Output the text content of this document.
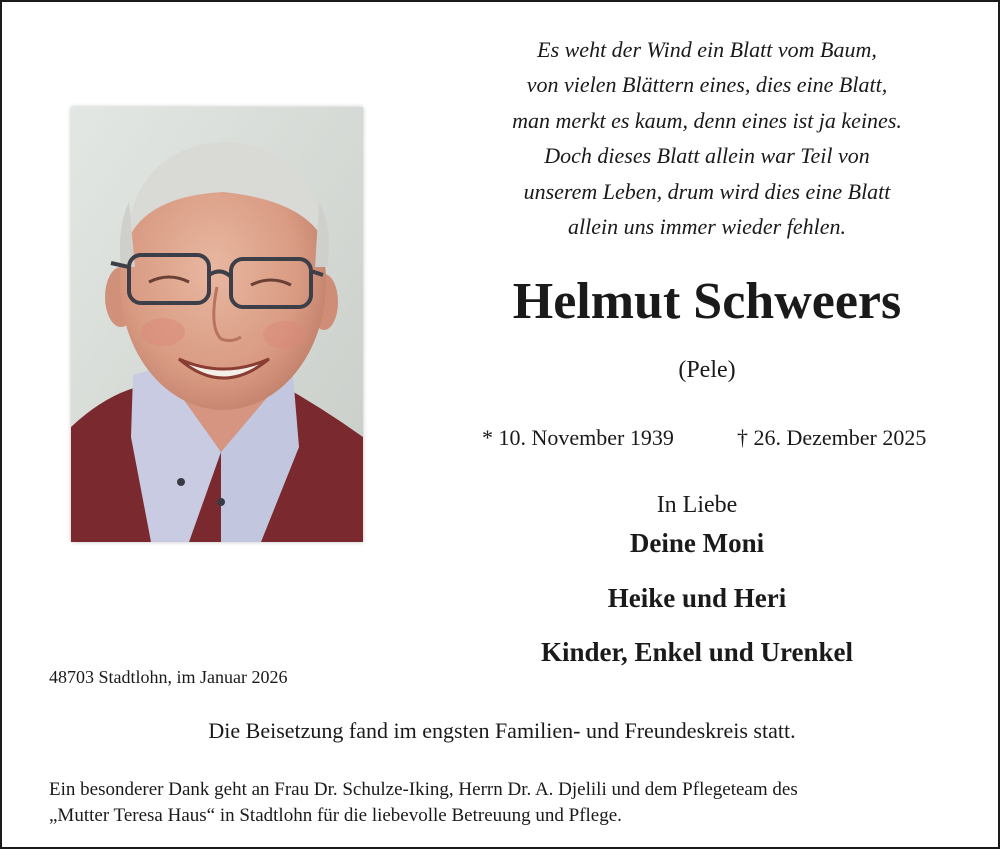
Es weht der Wind ein Blatt vom Baum,
von vielen Blättern eines, dies eine Blatt,
man merkt es kaum, denn eines ist ja keines.
Doch dieses Blatt allein war Teil von
unserem Leben, drum wird dies eine Blatt
allein uns immer wieder fehlen.
Helmut Schweers
(Pele)
* 10. November 1939	† 26. Dezember 2025
In Liebe
Deine Moni
Heike und Heri
Kinder, Enkel und Urenkel
48703 Stadtlohn, im Januar 2026
Die Beisetzung fand im engsten Familien- und Freundeskreis statt.
Ein besonderer Dank geht an Frau Dr. Schulze-Iking, Herrn Dr. A. Djelili und dem Pflegeteam des
„Mutter Teresa Haus“ in Stadtlohn für die liebevolle Betreuung und Pflege.
